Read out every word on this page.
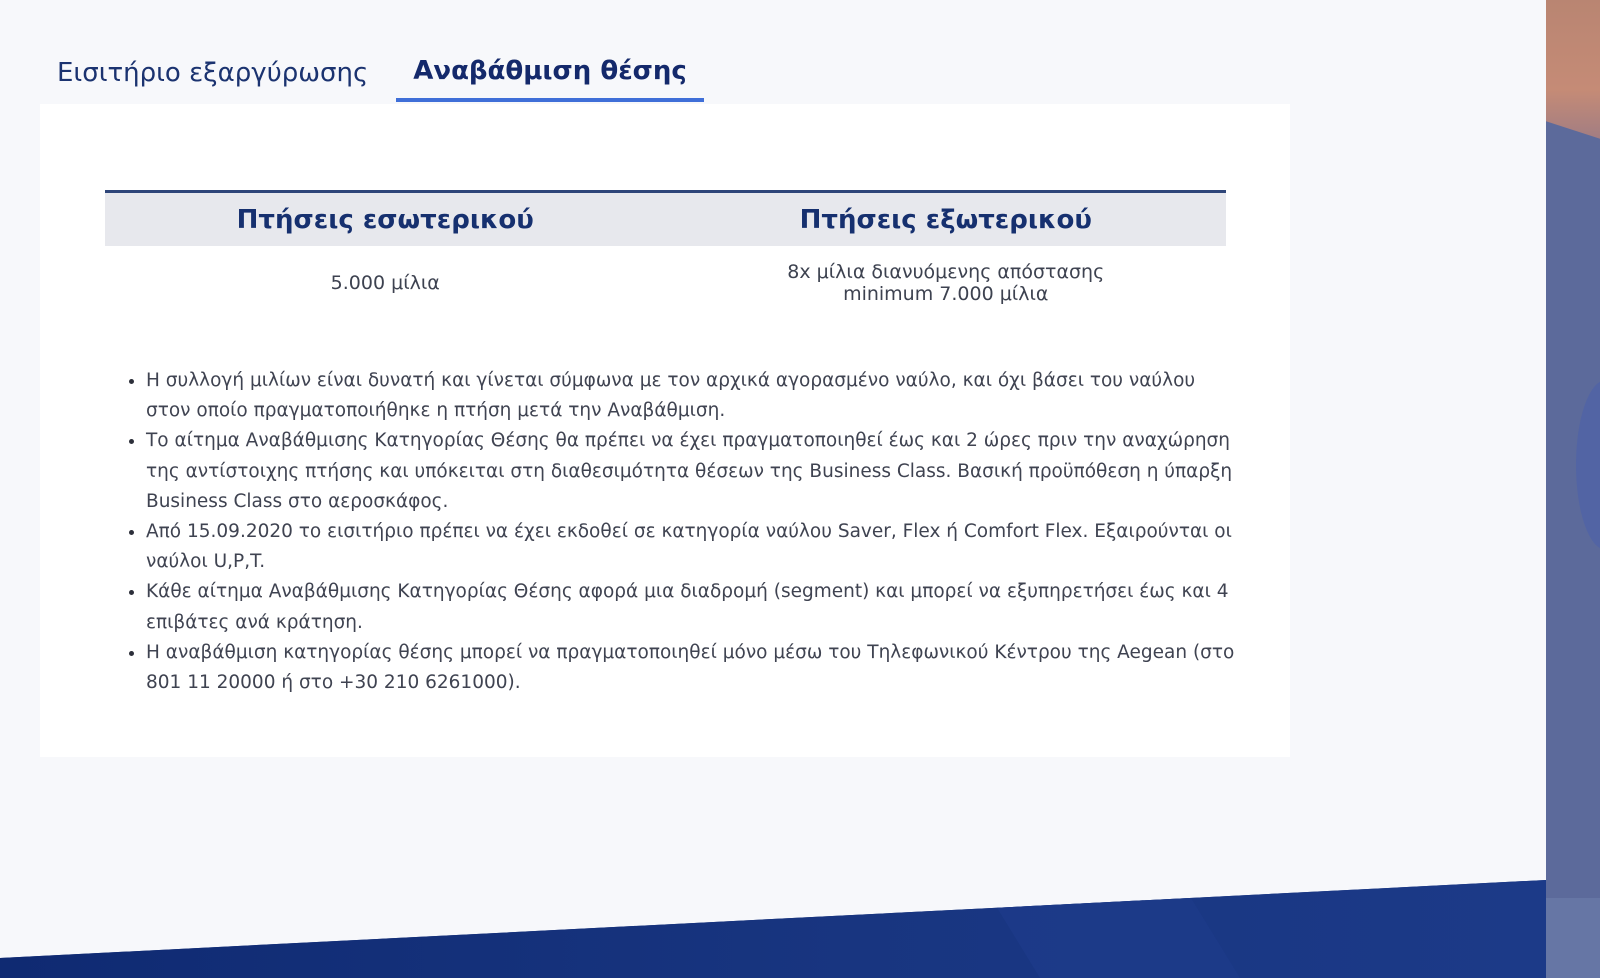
Εισιτήριο εξαργύρωσης	Αναβάθμιση θέσης
Πτήσεις εσωτερικού	Πτήσεις εξωτερικού
5.000 μίλια	8x μίλια διανυόμενης απόστασης
minimum 7.000 μίλια
• Η συλλογή μιλίων είναι δυνατή και γίνεται σύμφωνα με τον αρχικά αγορασμένο ναύλο, και όχι βάσει του ναύλου στον οποίο πραγματοποιήθηκε η πτήση μετά την Αναβάθμιση.
• Το αίτημα Αναβάθμισης Κατηγορίας Θέσης θα πρέπει να έχει πραγματοποιηθεί έως και 2 ώρες πριν την αναχώρηση της αντίστοιχης πτήσης και υπόκειται στη διαθεσιμότητα θέσεων της Business Class. Βασική προϋπόθεση η ύπαρξη Business Class στο αεροσκάφος.
• Από 15.09.2020 το εισιτήριο πρέπει να έχει εκδοθεί σε κατηγορία ναύλου Saver, Flex ή Comfort Flex. Εξαιρούνται οι ναύλοι U,P,T.
• Κάθε αίτημα Αναβάθμισης Κατηγορίας Θέσης αφορά μια διαδρομή (segment) και μπορεί να εξυπηρετήσει έως και 4 επιβάτες ανά κράτηση.
• Η αναβάθμιση κατηγορίας θέσης μπορεί να πραγματοποιηθεί μόνο μέσω του Τηλεφωνικού Κέντρου της Aegean (στο 801 11 20000 ή στο +30 210 6261000).
